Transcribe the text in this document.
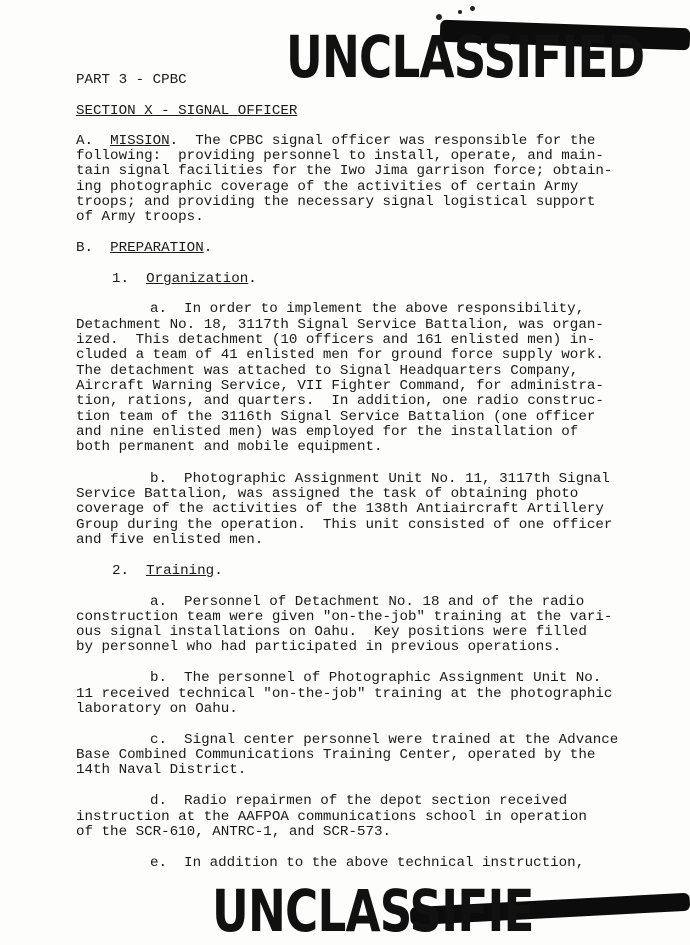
UNCLASSIFIED
UNCLASSIFIE
PART 3 - CPBC
SECTION X - SIGNAL OFFICER
A. MISSION.  The CPBC signal officer was responsible for the
following:  providing personnel to install, operate, and main-
tain signal facilities for the Iwo Jima garrison force; obtain-
ing photographic coverage of the activities of certain Army
troops; and providing the necessary signal logistical support
of Army troops.
B. PREPARATION.
1. Organization.
a.  In order to implement the above responsibility,
Detachment No. 18, 3117th Signal Service Battalion, was organ-
ized.  This detachment (10 officers and 161 enlisted men) in-
cluded a team of 41 enlisted men for ground force supply work.
The detachment was attached to Signal Headquarters Company,
Aircraft Warning Service, VII Fighter Command, for administra-
tion, rations, and quarters.  In addition, one radio construc-
tion team of the 3116th Signal Service Battalion (one officer
and nine enlisted men) was employed for the installation of
both permanent and mobile equipment.
b.  Photographic Assignment Unit No. 11, 3117th Signal
Service Battalion, was assigned the task of obtaining photo
coverage of the activities of the 138th Antiaircraft Artillery
Group during the operation.  This unit consisted of one officer
and five enlisted men.
2. Training.
a.  Personnel of Detachment No. 18 and of the radio
construction team were given "on-the-job" training at the vari-
ous signal installations on Oahu.  Key positions were filled
by personnel who had participated in previous operations.
b.  The personnel of Photographic Assignment Unit No.
11 received technical "on-the-job" training at the photographic
laboratory on Oahu.
c.  Signal center personnel were trained at the Advance
Base Combined Communications Training Center, operated by the
14th Naval District.
d.  Radio repairmen of the depot section received
instruction at the AAFPOA communications school in operation
of the SCR-610, ANTRC-1, and SCR-573.
e.  In addition to the above technical instruction,
